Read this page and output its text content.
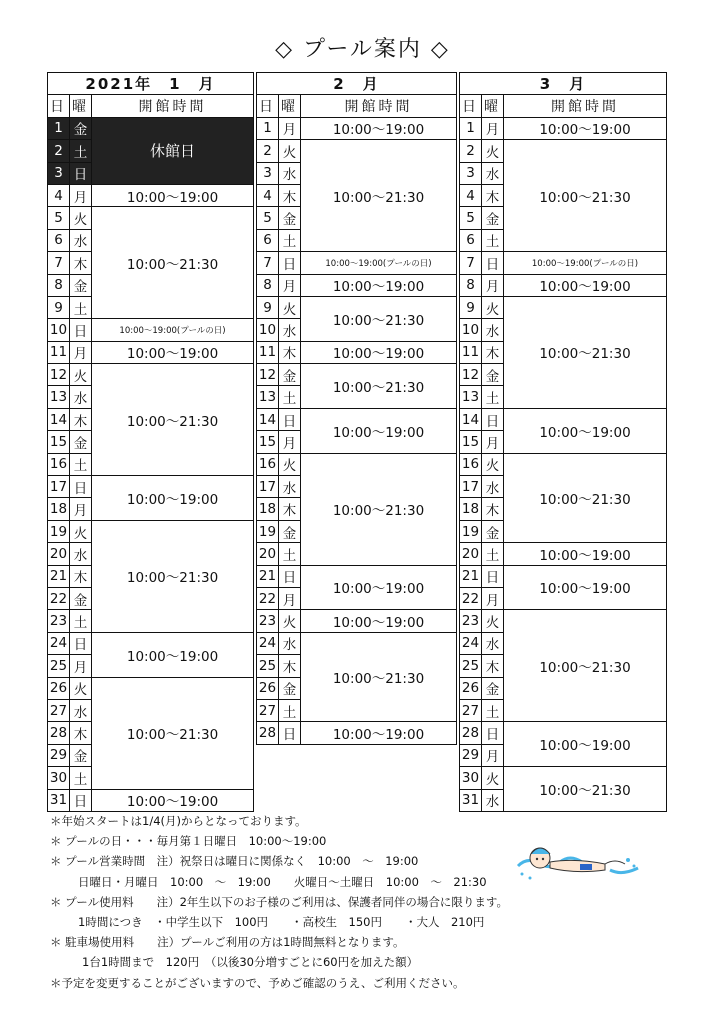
◇ プール案内 ◇
2021年　1　月		
日	曜	開館時間
1	金	休館日
2	土	
3	日	
4	月	10:00～19:00
5	火	10:00～21:30
6	水	
7	木	
8	金	
9	土	
10	日	10:00～19:00(プールの日)
11	月	10:00～19:00
12	火	10:00～21:30
13	水	
14	木	
15	金	
16	土	
17	日	10:00～19:00
18	月	
19	火	10:00～21:30
20	水	
21	木	
22	金	
23	土	
24	日	10:00～19:00
25	月	
26	火	10:00～21:30
27	水	
28	木	
29	金	
30	土	
31	日	10:00～19:00
2　月		
日	曜	開館時間
1	月	10:00～19:00
2	火	10:00～21:30
3	水	
4	木	
5	金	
6	土	
7	日	10:00～19:00(プールの日)
8	月	10:00～19:00
9	火	10:00～21:30
10	水	
11	木	10:00～19:00
12	金	10:00～21:30
13	土	
14	日	10:00～19:00
15	月	
16	火	10:00～21:30
17	水	
18	木	
19	金	
20	土	
21	日	10:00～19:00
22	月	
23	火	10:00～19:00
24	水	10:00～21:30
25	木	
26	金	
27	土	
28	日	10:00～19:00
3　月		
日	曜	開館時間
1	月	10:00～19:00
2	火	10:00～21:30
3	水	
4	木	
5	金	
6	土	
7	日	10:00～19:00(プールの日)
8	月	10:00～19:00
9	火	10:00～21:30
10	水	
11	木	
12	金	
13	土	
14	日	10:00～19:00
15	月	
16	火	10:00～21:30
17	水	
18	木	
19	金	
20	土	10:00～19:00
21	日	10:00～19:00
22	月	
23	火	10:00～21:30
24	水	
25	木	
26	金	
27	土	
28	日	10:00～19:00
29	月	
30	火	10:00～21:30
31	水	
＊年始スタートは1/4(月)からとなっております。
＊ プールの日・・・毎月第１日曜日　10:00～19:00
＊ プール営業時間　注）祝祭日は曜日に関係なく　10:00　～　19:00
日曜日・月曜日　10:00　～　19:00　　火曜日～土曜日　10:00　～　21:30
＊ プール使用料　　注）2年生以下のお子様のご利用は、保護者同伴の場合に限ります。
1時間につき　・中学生以下　100円　　・高校生　150円　　・大人　210円
＊ 駐車場使用料　　注）プールご利用の方は1時間無料となります。
1台1時間まで　120円　（以後30分増すごとに60円を加えた額）
＊予定を変更することがございますので、予めご確認のうえ、ご利用ください。
